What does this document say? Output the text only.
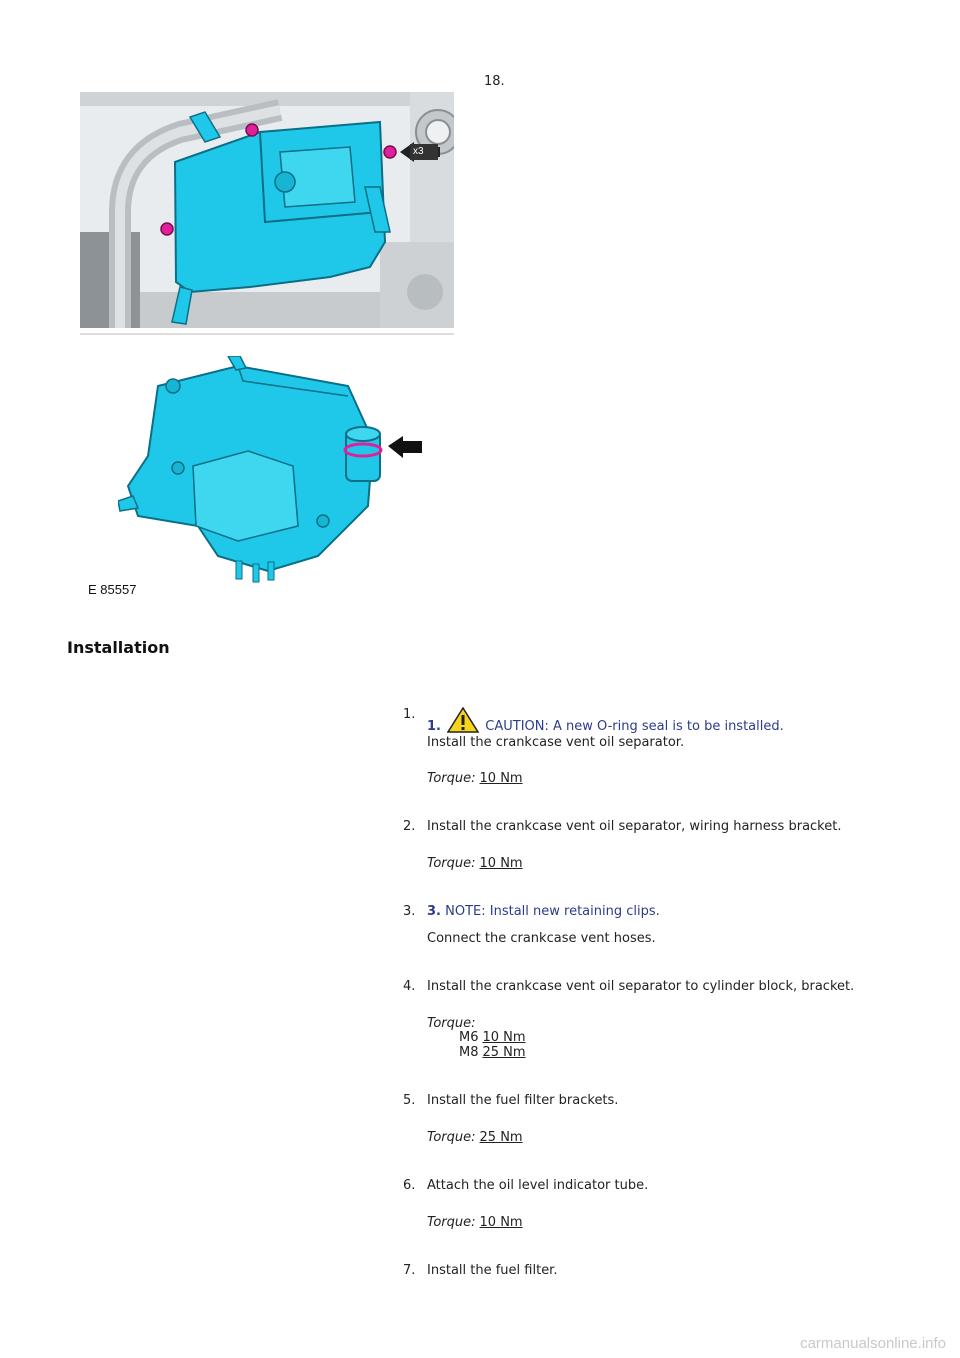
18.
x3
E 85557
Installation
1.
1.	CAUTION: A new O-ring seal is to be installed.
Install the crankcase vent oil separator.
Torque: 10 Nm
2. Install the crankcase vent oil separator, wiring harness bracket.
Torque: 10 Nm
3. 3. NOTE: Install new retaining clips.
Connect the crankcase vent hoses.
4. Install the crankcase vent oil separator to cylinder block, bracket.
Torque:
M6 10 Nm
M8 25 Nm
5. Install the fuel filter brackets.
Torque: 25 Nm
6. Attach the oil level indicator tube.
Torque: 10 Nm
7. Install the fuel filter.
carmanualsonline.info
